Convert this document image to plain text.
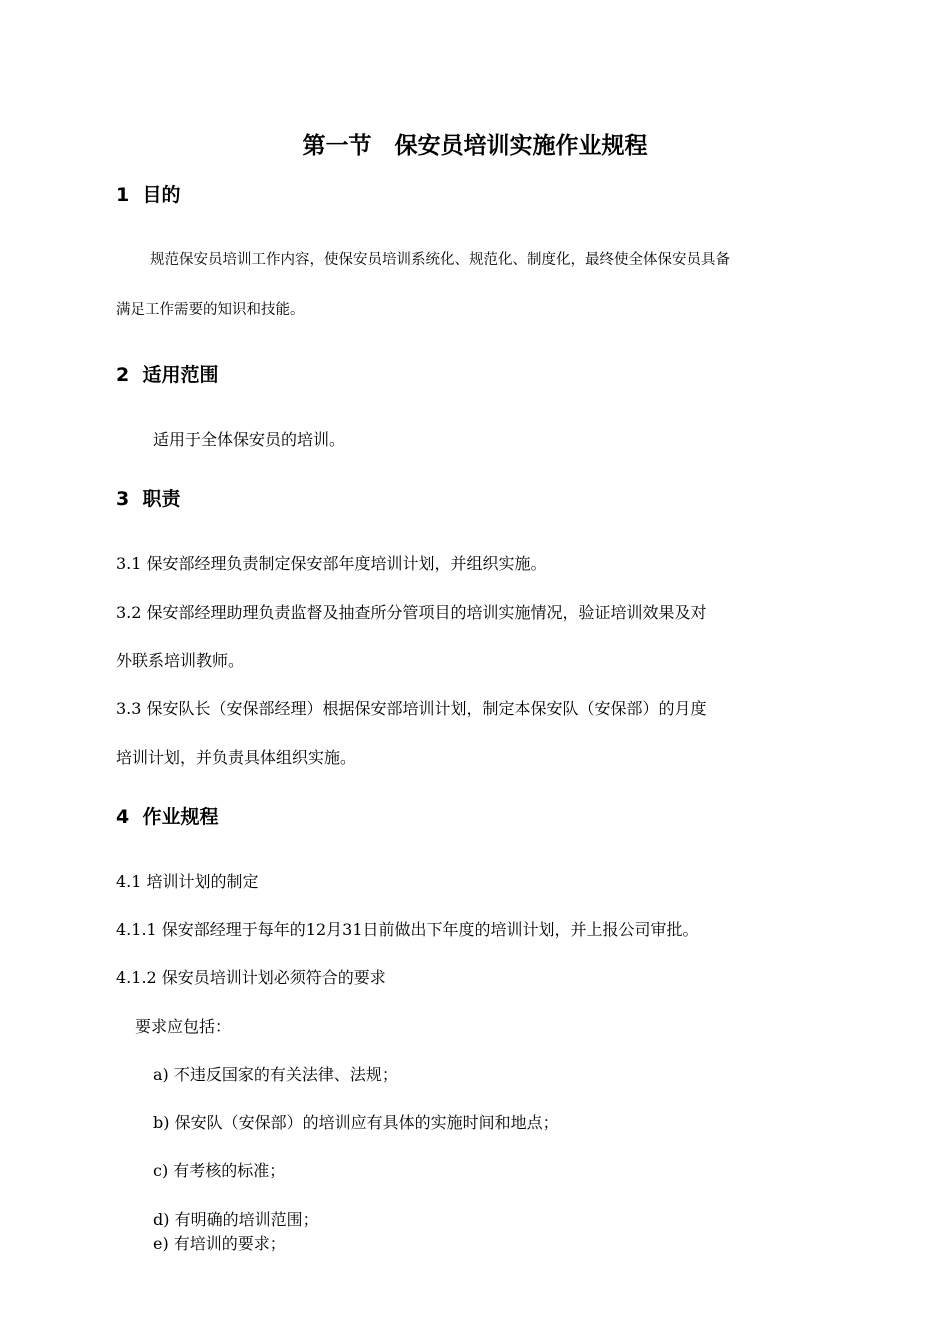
第一节　保安员培训实施作业规程
1  目的
规范保安员培训工作内容，使保安员培训系统化、规范化、制度化，最终使全体保安员具备
满足工作需要的知识和技能。
2  适用范围
适用于全体保安员的培训。
3  职责
3.1 保安部经理负责制定保安部年度培训计划，并组织实施。
3.2 保安部经理助理负责监督及抽查所分管项目的培训实施情况，验证培训效果及对
外联系培训教师。
3.3 保安队长（安保部经理）根据保安部培训计划，制定本保安队（安保部）的月度
培训计划，并负责具体组织实施。
4  作业规程
4.1 培训计划的制定
4.1.1 保安部经理于每年的12月31日前做出下年度的培训计划，并上报公司审批。
4.1.2 保安员培训计划必须符合的要求
要求应包括：
a) 不违反国家的有关法律、法规；
b) 保安队（安保部）的培训应有具体的实施时间和地点；
c) 有考核的标准；
d) 有明确的培训范围；
e) 有培训的要求；
